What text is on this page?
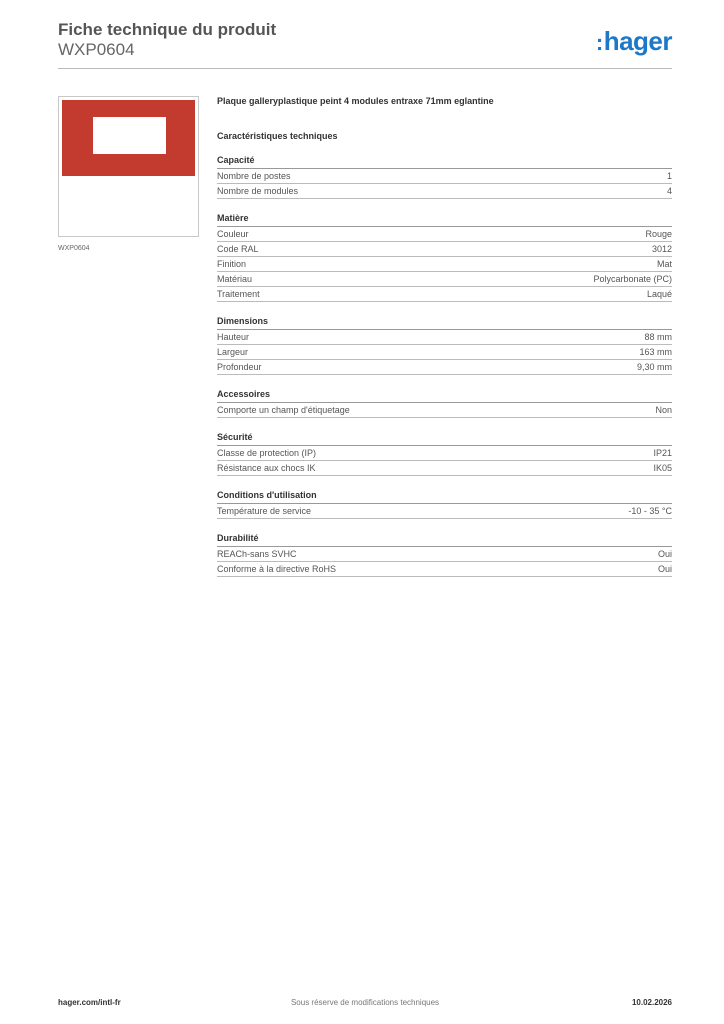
Fiche technique du produit
WXP0604	:hager
WXP0604
Plaque galleryplastique peint 4 modules entraxe 71mm eglantine
Caractéristiques techniques
Capacité
Nombre de postes	1
Nombre de modules	4
Matière
Couleur	Rouge
Code RAL	3012
Finition	Mat
Matériau	Polycarbonate (PC)
Traitement	Laqué
Dimensions
Hauteur	88 mm
Largeur	163 mm
Profondeur	9,30 mm
Accessoires
Comporte un champ d'étiquetage	Non
Sécurité
Classe de protection (IP)	IP21
Résistance aux chocs IK	IK05
Conditions d'utilisation
Température de service	-10 - 35 °C
Durabilité
REACh-sans SVHC	Oui
Conforme à la directive RoHS	Oui
hager.com/intl-fr	Sous réserve de modifications techniques	10.02.2026
